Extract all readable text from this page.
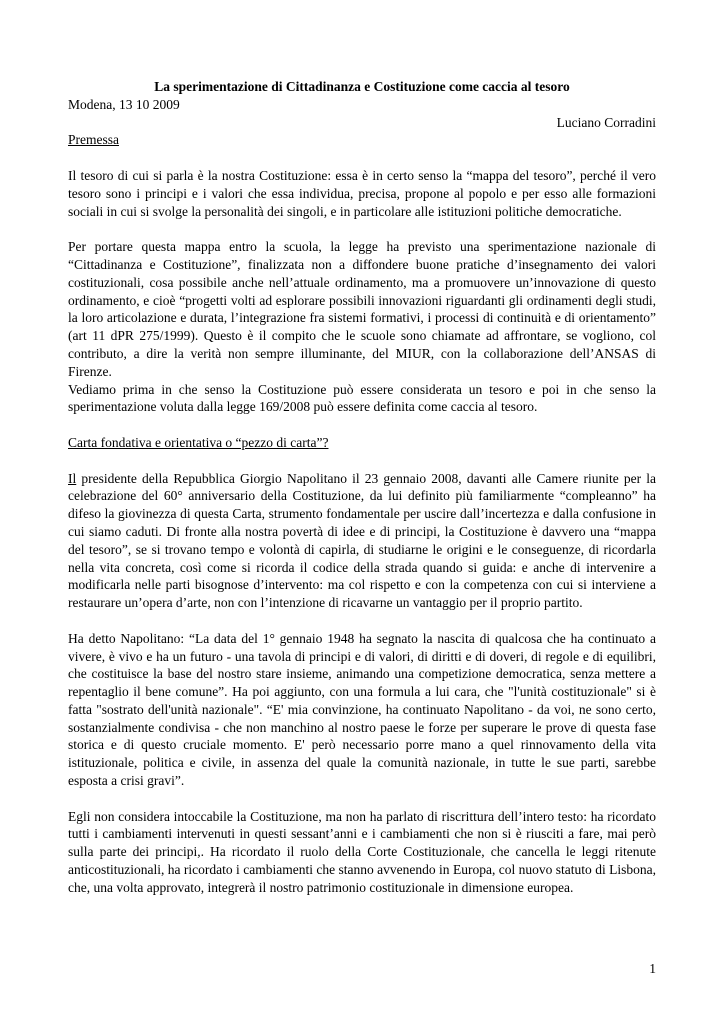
La sperimentazione di Cittadinanza e Costituzione come caccia al tesoro
Modena, 13 10 2009
Luciano Corradini
Premessa

Il tesoro di cui si parla è la nostra Costituzione: essa è in certo senso la “mappa del tesoro”, perché il vero tesoro sono i principi e i valori che essa individua, precisa, propone al popolo e per esso alle formazioni sociali in cui si svolge la personalità dei singoli, e in particolare alle istituzioni politiche democratiche.

Per portare questa mappa entro la scuola, la legge ha previsto una sperimentazione nazionale di “Cittadinanza e Costituzione”, finalizzata non a diffondere buone pratiche d’insegnamento dei valori costituzionali, cosa possibile anche nell’attuale ordinamento, ma a promuovere un’innovazione di questo ordinamento, e cioè “progetti volti ad esplorare possibili innovazioni riguardanti gli ordinamenti degli studi, la loro articolazione e durata, l’integrazione fra sistemi formativi, i processi di continuità e di orientamento” (art 11 dPR 275/1999). Questo è il compito che le scuole sono chiamate ad affrontare, se vogliono, col contributo, a dire la verità non sempre illuminante, del MIUR, con la collaborazione dell’ANSAS di Firenze.

Vediamo prima in che senso la Costituzione può essere considerata un tesoro e poi in che senso la sperimentazione voluta dalla legge 169/2008 può essere definita come caccia al tesoro.

Carta fondativa e orientativa o “pezzo di carta”?

Il presidente della Repubblica Giorgio Napolitano il 23 gennaio 2008, davanti alle Camere riunite per la celebrazione del 60° anniversario della Costituzione, da lui definito più familiarmente “compleanno” ha difeso la giovinezza di questa Carta, strumento fondamentale per uscire dall’incertezza e dalla confusione in cui siamo caduti. Di fronte alla nostra povertà di idee e di principi, la Costituzione è davvero una “mappa del tesoro”, se si trovano tempo e volontà di capirla, di studiarne le origini e le conseguenze, di ricordarla nella vita concreta, così come si ricorda il codice della strada quando si guida: e anche di intervenire a modificarla nelle parti bisognose d’intervento: ma col rispetto e con la competenza con cui si interviene a restaurare un’opera d’arte, non con l’intenzione di ricavarne un vantaggio per il proprio partito.

Ha detto Napolitano: “La data del 1° gennaio 1948 ha segnato la nascita di qualcosa che ha continuato a vivere, è vivo e ha un futuro - una tavola di principi e di valori, di diritti e di doveri, di regole e di equilibri, che costituisce la base del nostro stare insieme, animando una competizione democratica, senza mettere a repentaglio il bene comune”. Ha poi aggiunto, con una formula a lui cara, che "l'unità costituzionale" si è fatta "sostrato dell'unità nazionale". “E' mia convinzione, ha continuato Napolitano - da voi, ne sono certo, sostanzialmente condivisa - che non manchino al nostro paese le forze per superare le prove di questa fase storica e di questo cruciale momento. E' però necessario porre mano a quel rinnovamento della vita istituzionale, politica e civile, in assenza del quale la comunità nazionale, in tutte le sue parti, sarebbe esposta a crisi gravi”.

Egli non considera intoccabile la Costituzione, ma non ha parlato di riscrittura dell’intero testo: ha ricordato tutti i cambiamenti intervenuti in questi sessant’anni e i cambiamenti che non si è riusciti a fare, mai però sulla parte dei principi,. Ha ricordato il ruolo della Corte Costituzionale, che cancella le leggi ritenute anticostituzionali, ha ricordato i cambiamenti che stanno avvenendo in Europa, col nuovo statuto di Lisbona, che, una volta approvato, integrerà il nostro patrimonio costituzionale in dimensione europea.

1
